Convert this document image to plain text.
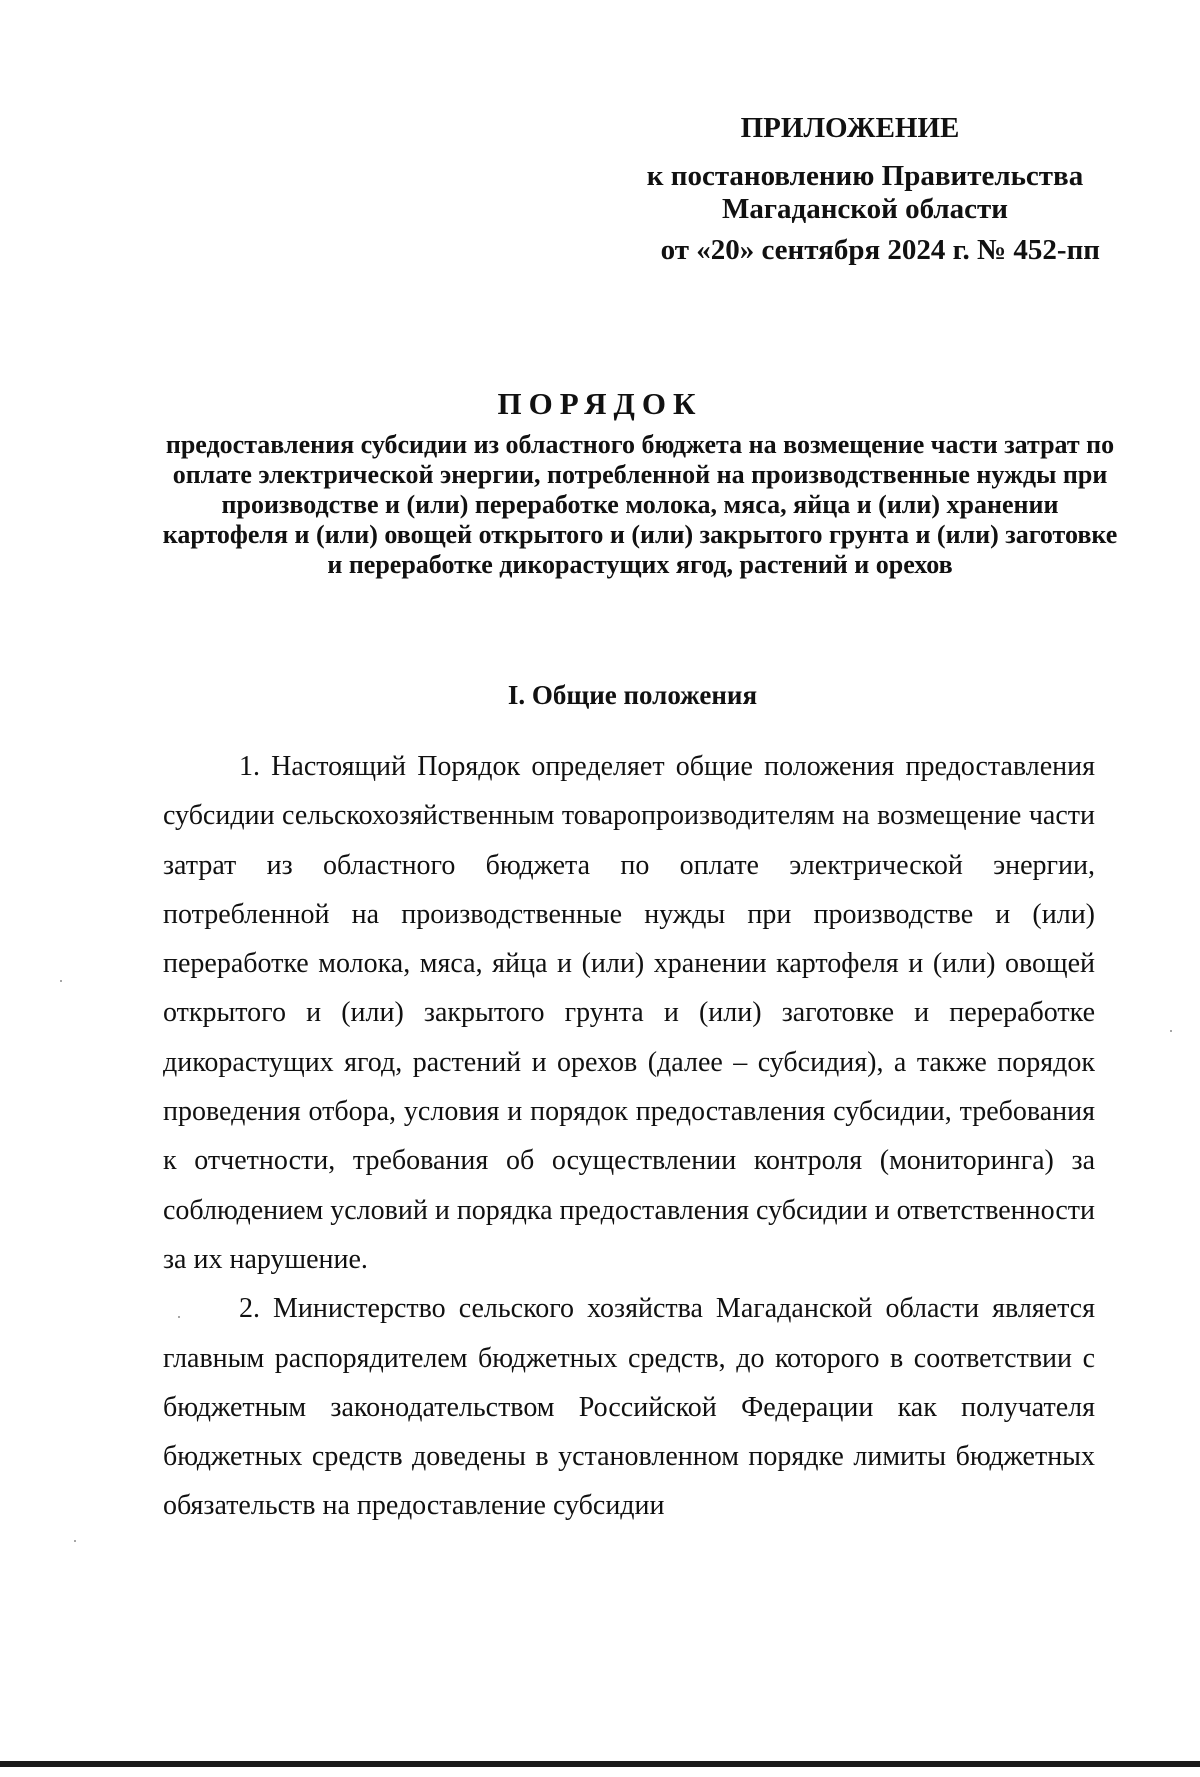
ПРИЛОЖЕНИЕ
к постановлению Правительства
Магаданской области
от «20» сентября 2024 г. № 452-пп
ПОРЯДОК
предоставления субсидии из областного бюджета на возмещение части затрат по оплате электрической энергии, потребленной на производственные нужды при производстве и (или) переработке молока, мяса, яйца и (или) хранении картофеля и (или) овощей открытого и (или) закрытого грунта и (или) заготовке и переработке дикорастущих ягод, растений и орехов
I. Общие положения

1. Настоящий Порядок определяет общие положения предоставления субсидии сельскохозяйственным товаропроизводителям на возмещение части затрат из областного бюджета по оплате электрической энергии, потребленной на производственные нужды при производстве и (или) переработке молока, мяса, яйца и (или) хранении картофеля и (или) овощей открытого и (или) закрытого грунта и (или) заготовке и переработке дикорастущих ягод, растений и орехов (далее – субсидия), а также порядок проведения отбора, условия и порядок предоставления субсидии, требования к отчетности, требования об осуществлении контроля (мониторинга) за соблюдением условий и порядка предоставления субсидии и ответственности за их нарушение.

2. Министерство сельского хозяйства Магаданской области является главным распорядителем бюджетных средств, до которого в соответствии с бюджетным законодательством Российской Федерации как получателя бюджетных средств доведены в установленном порядке лимиты бюджетных обязательств на предоставление субсидии
